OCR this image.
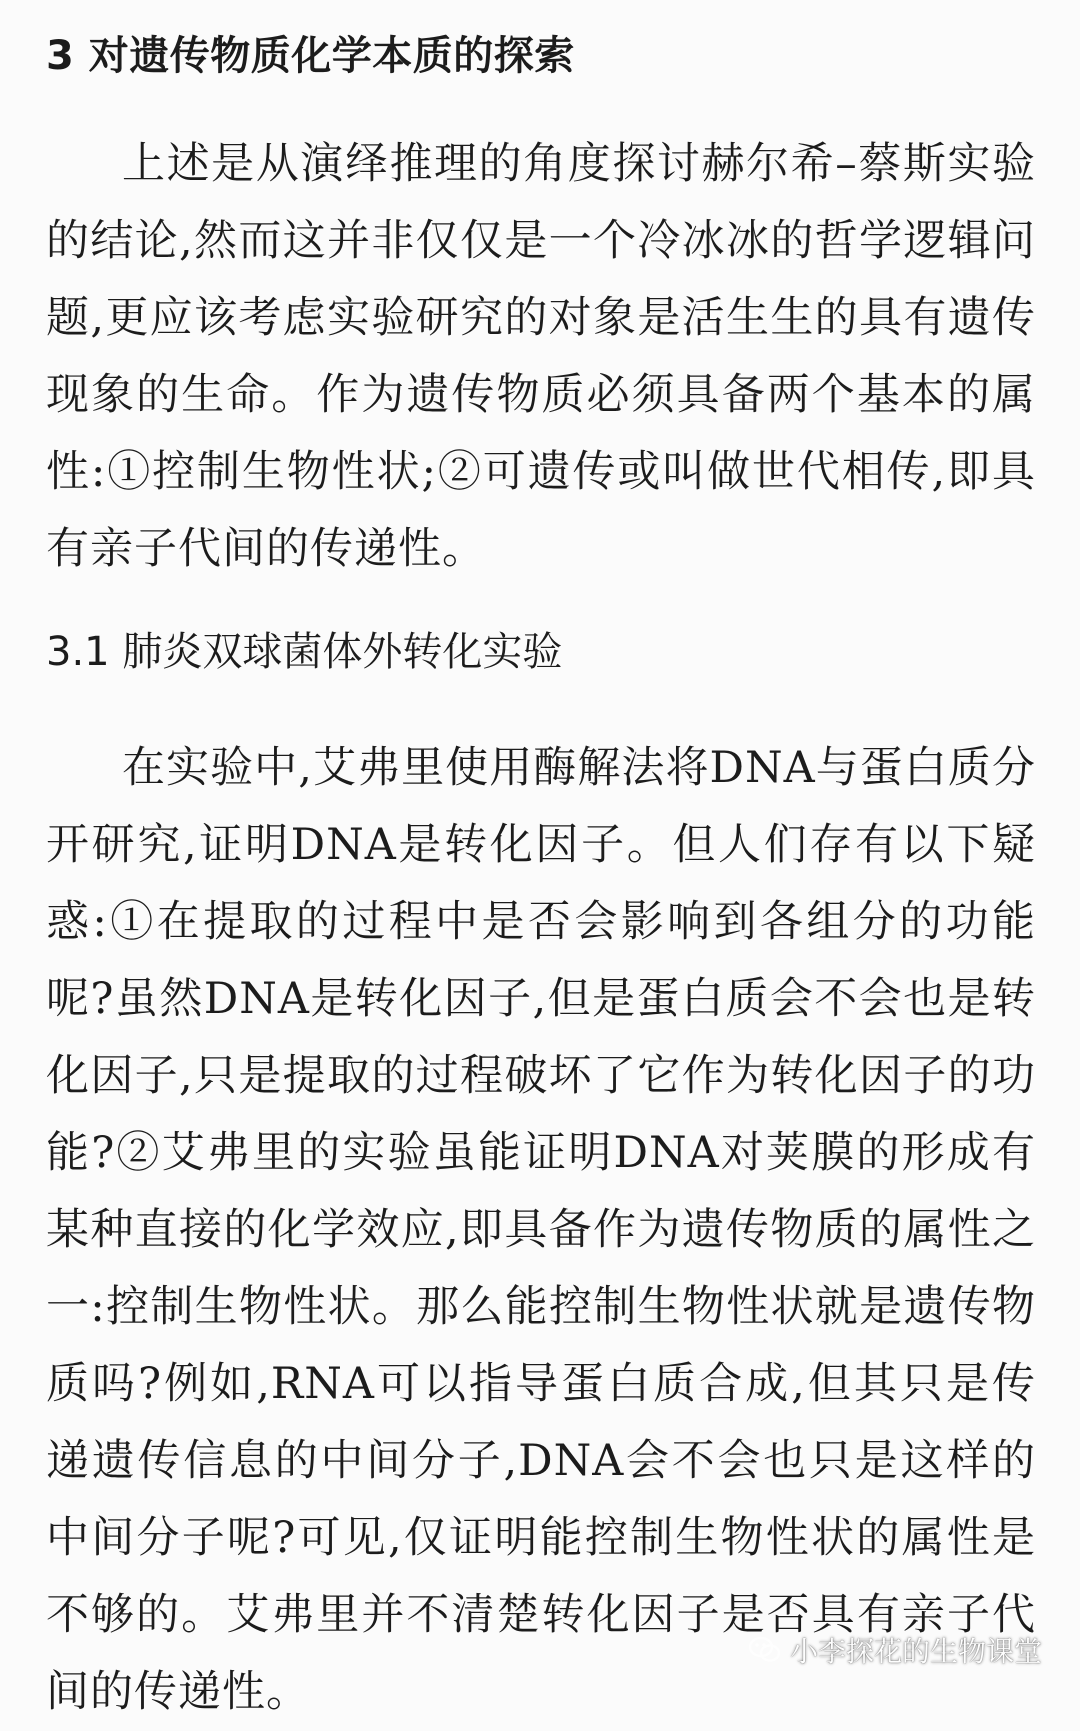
3 对遗传物质化学本质的探索

上述是从演绎推理的角度探讨赫尔希–蔡斯实验的结论,然而这并非仅仅是一个冷冰冰的哲学逻辑问题,更应该考虑实验研究的对象是活生生的具有遗传现象的生命。作为遗传物质必须具备两个基本的属性:①控制生物性状;②可遗传或叫做世代相传,即具有亲子代间的传递性。

3.1 肺炎双球菌体外转化实验

在实验中,艾弗里使用酶解法将DNA与蛋白质分开研究,证明DNA是转化因子。但人们存有以下疑惑:①在提取的过程中是否会影响到各组分的功能呢?虽然DNA是转化因子,但是蛋白质会不会也是转化因子,只是提取的过程破坏了它作为转化因子的功能?②艾弗里的实验虽能证明DNA对荚膜的形成有某种直接的化学效应,即具备作为遗传物质的属性之一:控制生物性状。那么能控制生物性状就是遗传物质吗?例如,RNA可以指导蛋白质合成,但其只是传递遗传信息的中间分子,DNA会不会也只是这样的中间分子呢?可见,仅证明能控制生物性状的属性是不够的。艾弗里并不清楚转化因子是否具有亲子代间的传递性。

小李探花的生物课堂
